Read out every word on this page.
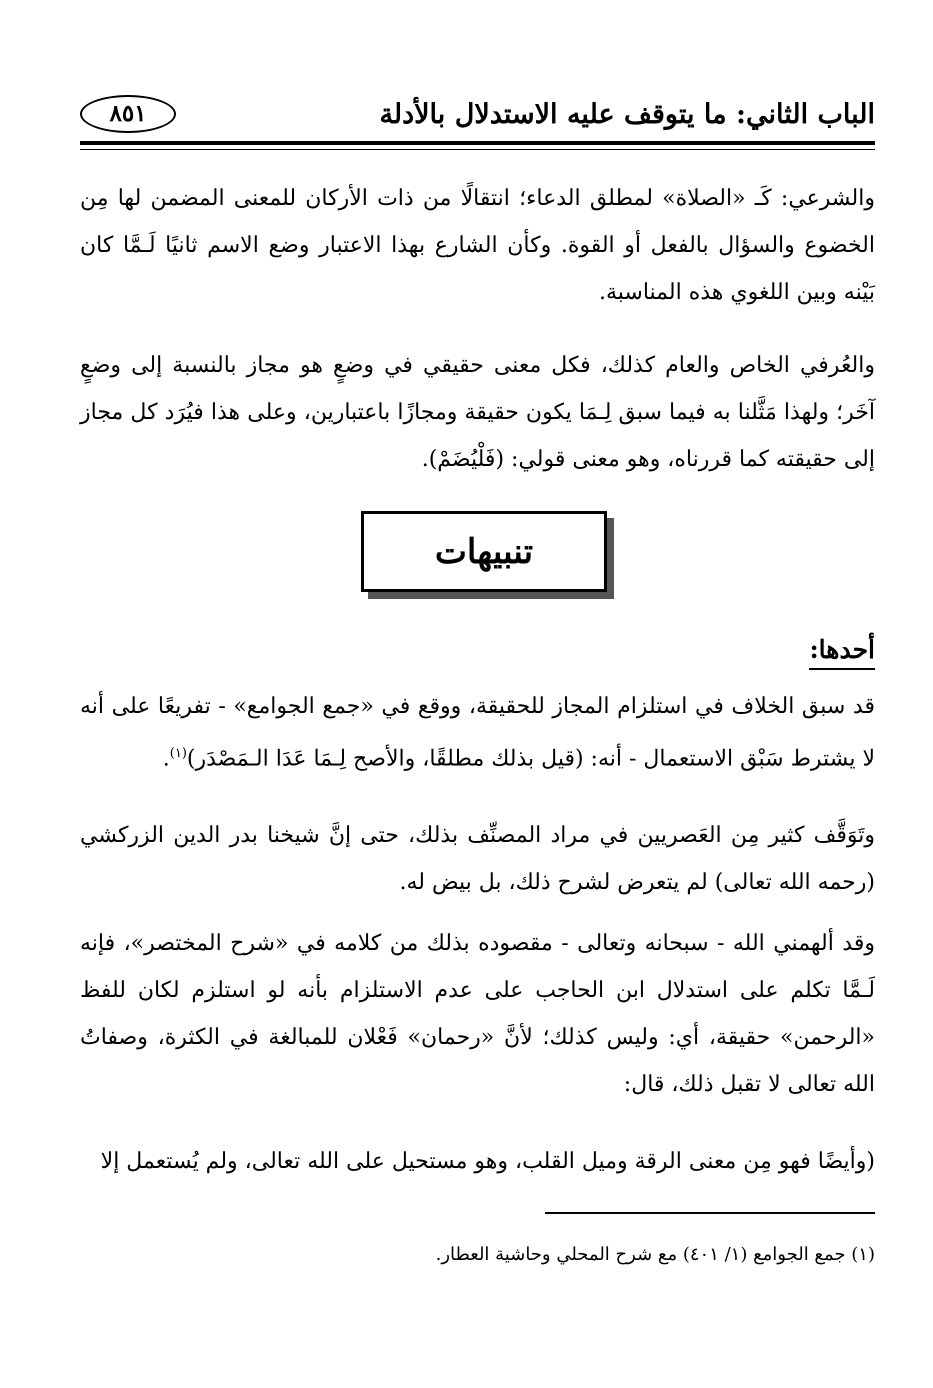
الباب الثاني: ما يتوقف عليه الاستدلال بالأدلة
٨٥١

والشرعي: كَـ «الصلاة» لمطلق الدعاء؛ انتقالًا من ذات الأركان للمعنى المضمن لها مِن الخضوع والسؤال بالفعل أو القوة. وكأن الشارع بهذا الاعتبار وضع الاسم ثانيًا لَـمَّا كان بَيْنه وبين اللغوي هذه المناسبة.

والعُرفي الخاص والعام كذلك، فكل معنى حقيقي في وضعٍ هو مجاز بالنسبة إلى وضعٍ آخَر؛ ولهذا مَثَّلنا به فيما سبق لِـمَا يكون حقيقة ومجازًا باعتبارين، وعلى هذا فيُرَد كل مجاز إلى حقيقته كما قررناه، وهو معنى قولي: (فَلْيُضَمْ).

تنبيهات
أحدها:

قد سبق الخلاف في استلزام المجاز للحقيقة، ووقع في «جمع الجوامع» - تفريعًا على أنه لا يشترط سَبْق الاستعمال - أنه: (قيل بذلك مطلقًا، والأصح لِـمَا عَدَا الـمَصْدَر)$^{(١)}$.

وتَوَقَّف كثير مِن العَصريين في مراد المصنِّف بذلك، حتى إنَّ شيخنا بدر الدين الزركشي (رحمه الله تعالى) لم يتعرض لشرح ذلك، بل بيض له.

وقد ألهمني الله - سبحانه وتعالى - مقصوده بذلك من كلامه في «شرح المختصر»، فإنه لَـمَّا تكلم على استدلال ابن الحاجب على عدم الاستلزام بأنه لو استلزم لكان للفظ «الرحمن» حقيقة، أي: وليس كذلك؛ لأنَّ «رحمان» فَعْلان للمبالغة في الكثرة، وصفاتُ الله تعالى لا تقبل ذلك، قال:

(وأيضًا فهو مِن معنى الرقة وميل القلب، وهو مستحيل على الله تعالى، ولم يُستعمل إلا

(١) جمع الجوامع (١/ ٤٠١) مع شرح المحلي وحاشية العطار.
